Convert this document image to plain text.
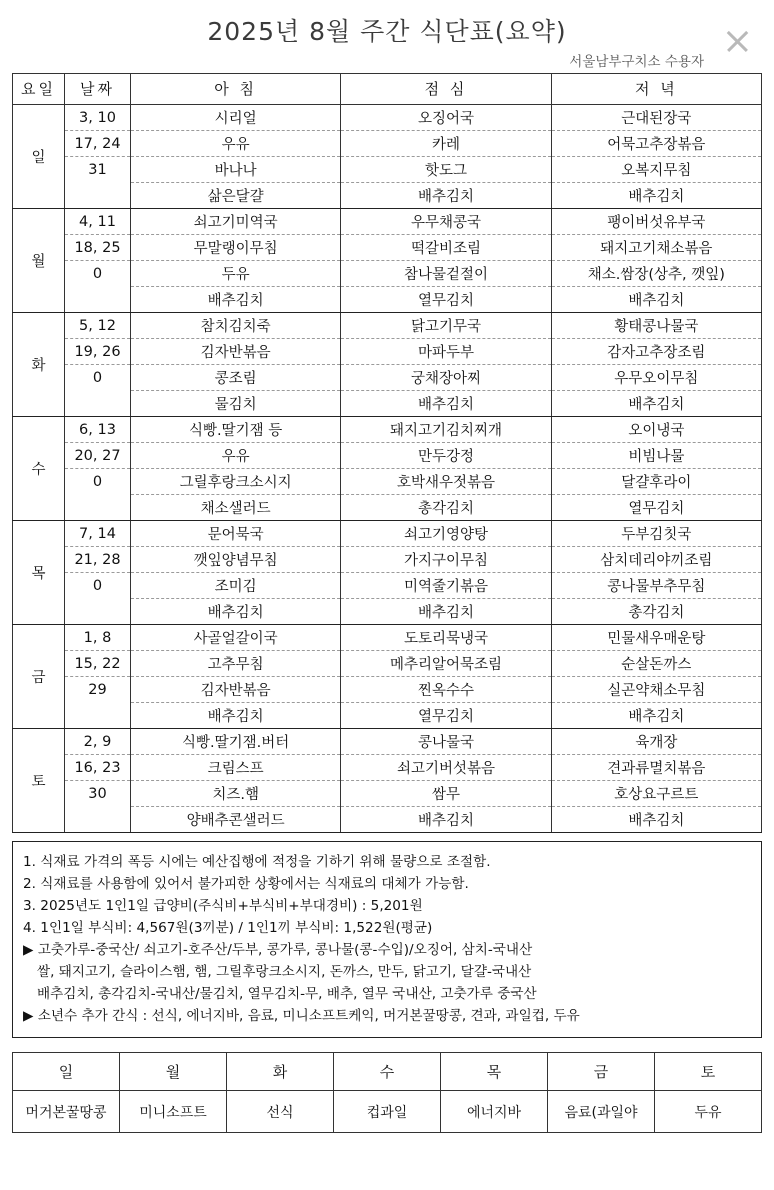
2025년 8월 주간 식단표(요약)
서울남부구치소 수용자
요일	날짜	아 침	점 심	저 녁
일	3, 10	시리얼	오징어국	근대된장국
	17, 24	우유	카레	어묵고추장볶음
	31	바나나	핫도그	오복지무침
		삶은달걀	배추김치	배추김치
월	4, 11	쇠고기미역국	우무채콩국	팽이버섯유부국
	18, 25	무말랭이무침	떡갈비조림	돼지고기채소볶음
	0	두유	참나물겉절이	채소.쌈장(상추, 깻잎)
		배추김치	열무김치	배추김치
화	5, 12	참치김치죽	닭고기무국	황태콩나물국
	19, 26	김자반볶음	마파두부	감자고추장조림
	0	콩조림	궁채장아찌	우무오이무침
		물김치	배추김치	배추김치
수	6, 13	식빵.딸기잼 등	돼지고기김치찌개	오이냉국
	20, 27	우유	만두강정	비빔나물
	0	그릴후랑크소시지	호박새우젓볶음	달걀후라이
		채소샐러드	총각김치	열무김치
목	7, 14	문어묵국	쇠고기영양탕	두부김칫국
	21, 28	깻잎양념무침	가지구이무침	삼치데리야끼조림
	0	조미김	미역줄기볶음	콩나물부추무침
		배추김치	배추김치	총각김치
금	1, 8	사골얼갈이국	도토리묵냉국	민물새우매운탕
	15, 22	고추무침	메추리알어묵조림	순살돈까스
	29	김자반볶음	찐옥수수	실곤약채소무침
		배추김치	열무김치	배추김치
토	2, 9	식빵.딸기잼.버터	콩나물국	육개장
	16, 23	크림스프	쇠고기버섯볶음	견과류멸치볶음
	30	치즈.햄	쌈무	호상요구르트
		양배추콘샐러드	배추김치	배추김치
1. 식재료 가격의 폭등 시에는 예산집행에 적정을 기하기 위해 물량으로 조절함.
2. 식재료를 사용함에 있어서 불가피한 상황에서는 식재료의 대체가 가능함.
3. 2025년도 1인1일 급양비(주식비+부식비+부대경비) : 5,201원
4. 1인1일 부식비: 4,567원(3끼분) / 1인1끼 부식비: 1,522원(평균)
▶ 고춧가루-중국산/ 쇠고기-호주산/두부, 콩가루, 콩나물(콩-수입)/오징어, 삼치-국내산
쌀, 돼지고기, 슬라이스햄, 햄, 그릴후랑크소시지, 돈까스, 만두, 닭고기, 달걀-국내산
배추김치, 총각김치-국내산/물김치, 열무김치-무, 배추, 열무 국내산, 고춧가루 중국산
▶ 소년수 추가 간식 : 선식, 에너지바, 음료, 미니소프트케익, 머거본꿀땅콩, 견과, 과일컵, 두유
일	월	화	수	목	금	토
머거본꿀땅콩	미니소프트	선식	컵과일	에너지바	음료(과일야	두유
